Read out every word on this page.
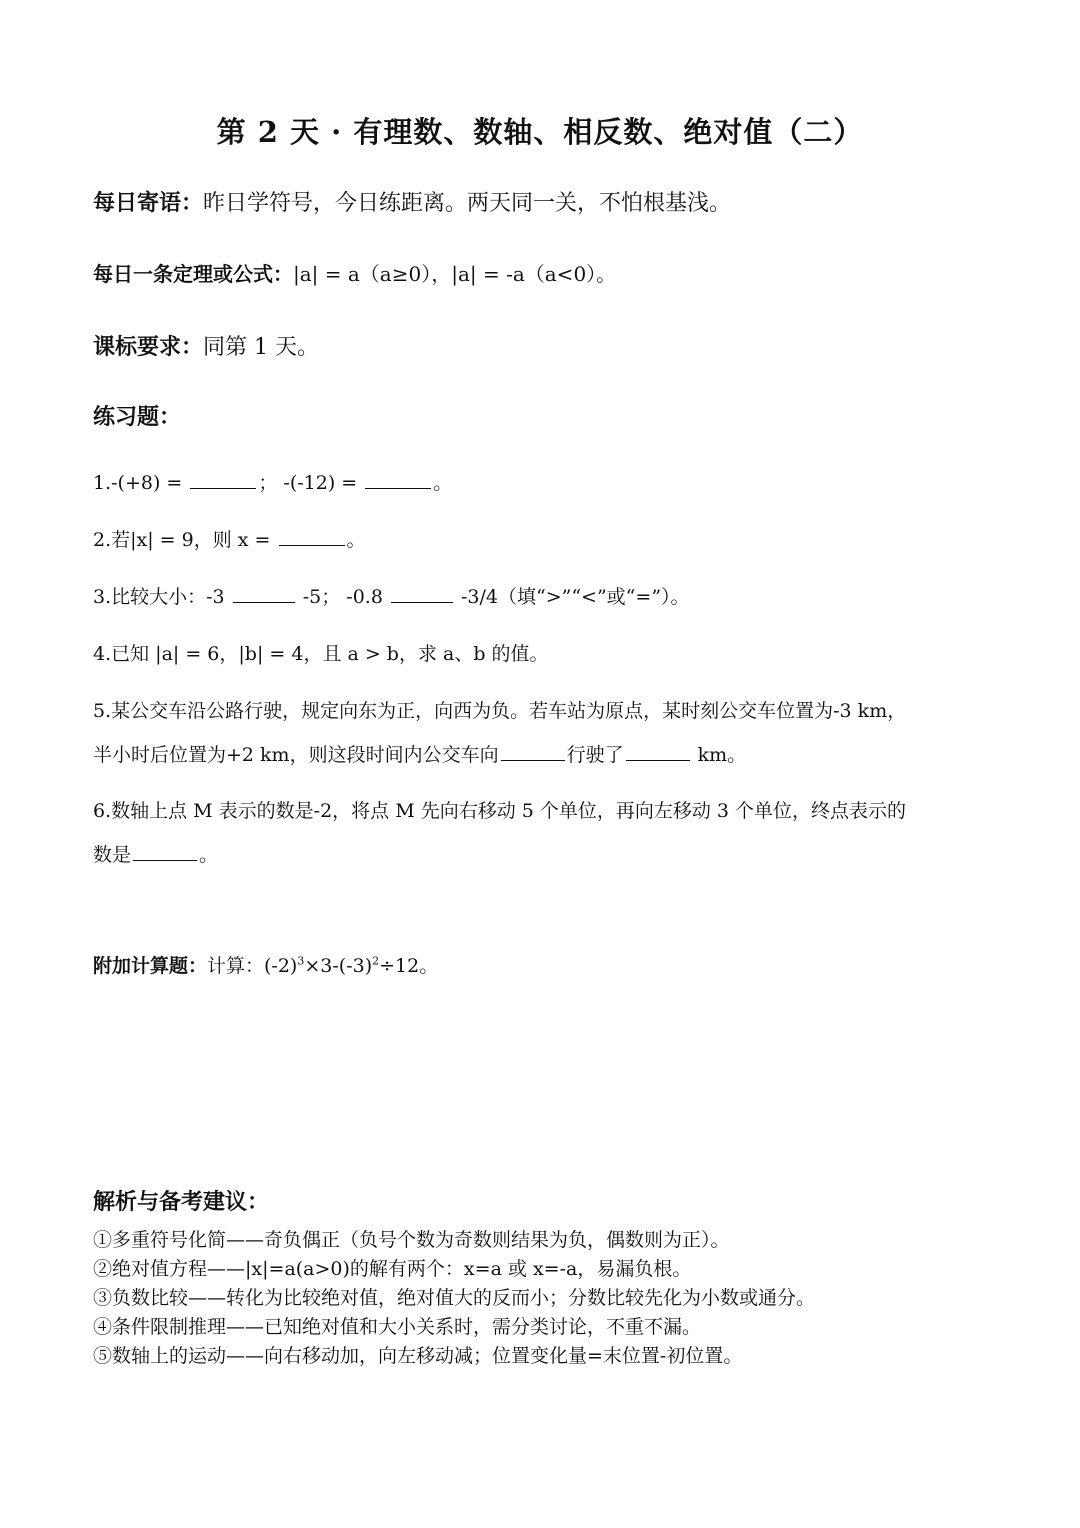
第 2 天 · 有理数、数轴、相反数、绝对值（二）
每日寄语：昨日学符号，今日练距离。两天同一关，不怕根基浅。
每日一条定理或公式：|a| = a（a≥0），|a| = -a（a<0）。
课标要求：同第 1 天。
练习题：
1.-(+8) =	； -(-12) =	。
2.若|x| = 9，则 x =	。
3.比较大小：-3	-5； -0.8	-3/4（填“>”“<”或“=”）。
4.已知 |a| = 6，|b| = 4，且 a > b，求 a、b 的值。
5.某公交车沿公路行驶，规定向东为正，向西为负。若车站为原点，某时刻公交车位置为-3 km，
半小时后位置为+2 km，则这段时间内公交车向	行驶了	km。
6.数轴上点 M 表示的数是-2，将点 M 先向右移动 5 个单位，再向左移动 3 个单位，终点表示的
数是	。
附加计算题：计算：$(-2)^3\times 3-(-3)^2\div 12$。
解析与备考建议：
①多重符号化简——奇负偶正（负号个数为奇数则结果为负，偶数则为正）。
②绝对值方程——|x|=a(a>0)的解有两个：x=a 或 x=-a，易漏负根。
③负数比较——转化为比较绝对值，绝对值大的反而小；分数比较先化为小数或通分。
④条件限制推理——已知绝对值和大小关系时，需分类讨论，不重不漏。
⑤数轴上的运动——向右移动加，向左移动减；位置变化量=末位置-初位置。
